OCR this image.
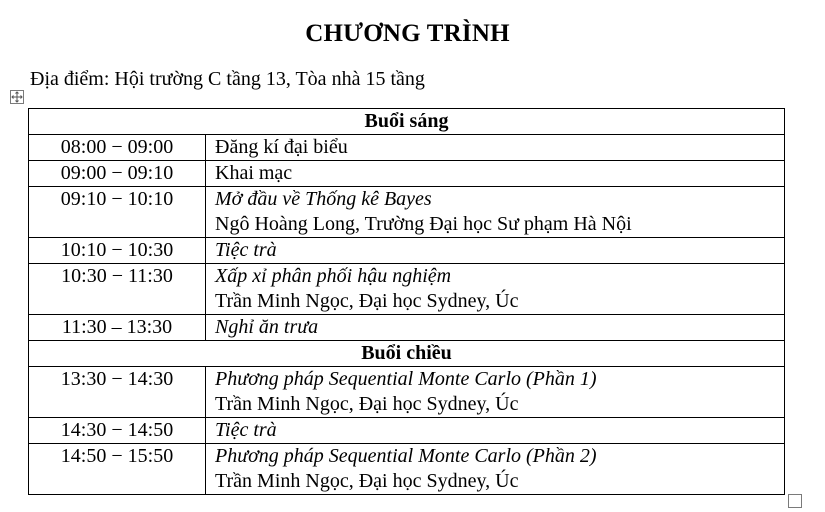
CHƯƠNG TRÌNH
Địa điểm: Hội trường C tầng 13, Tòa nhà 15 tầng
Buổi sáng	
08:00 − 09:00	Đăng kí đại biểu

09:00 − 09:10	Khai mạc

09:10 − 10:10	Mở đầu về Thống kê Bayes
Ngô Hoàng Long, Trường Đại học Sư phạm Hà Nội

10:10 − 10:30	Tiệc trà

10:30 − 11:30	Xấp xỉ phân phối hậu nghiệm
Trần Minh Ngọc, Đại học Sydney, Úc

11:30 – 13:30	Nghỉ ăn trưa

Buổi chiều	
13:30 − 14:30	Phương pháp Sequential Monte Carlo (Phần 1)
Trần Minh Ngọc, Đại học Sydney, Úc

14:30 − 14:50	Tiệc trà

14:50 − 15:50	Phương pháp Sequential Monte Carlo (Phần 2)
Trần Minh Ngọc, Đại học Sydney, Úc
